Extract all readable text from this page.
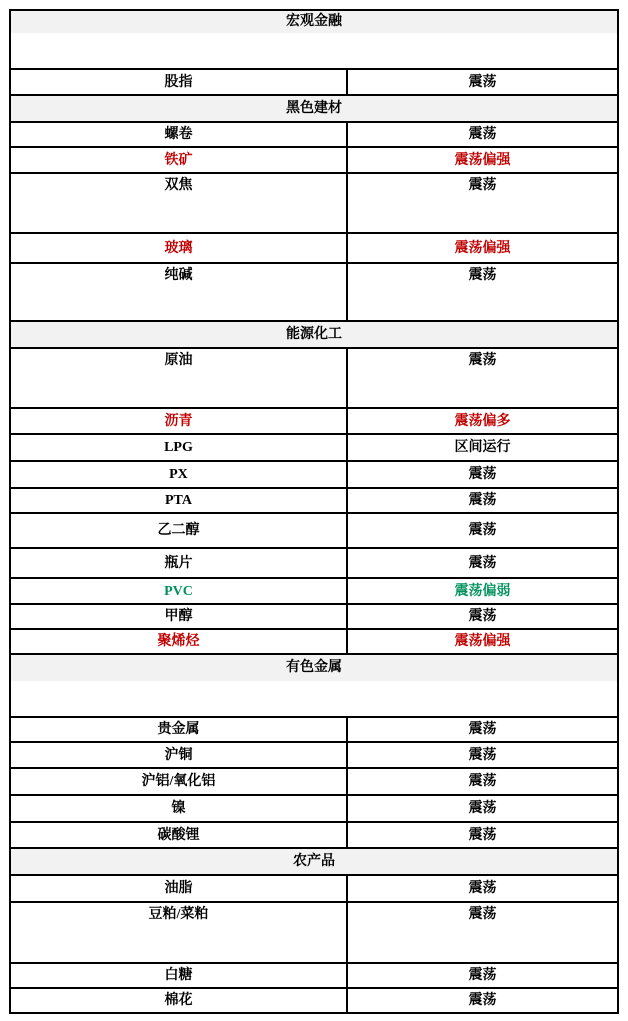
宏观金融
股指	震荡
黑色建材
螺卷	震荡
铁矿	震荡偏强
双焦	震荡
玻璃	震荡偏强
纯碱	震荡
能源化工
原油	震荡
沥青	震荡偏多
LPG	区间运行
PX	震荡
PTA	震荡
乙二醇	震荡
瓶片	震荡
PVC	震荡偏弱
甲醇	震荡
聚烯烃	震荡偏强
有色金属
贵金属	震荡
沪铜	震荡
沪铝/氧化铝	震荡
镍	震荡
碳酸锂	震荡
农产品
油脂	震荡
豆粕/菜粕	震荡
白糖	震荡
棉花	震荡
